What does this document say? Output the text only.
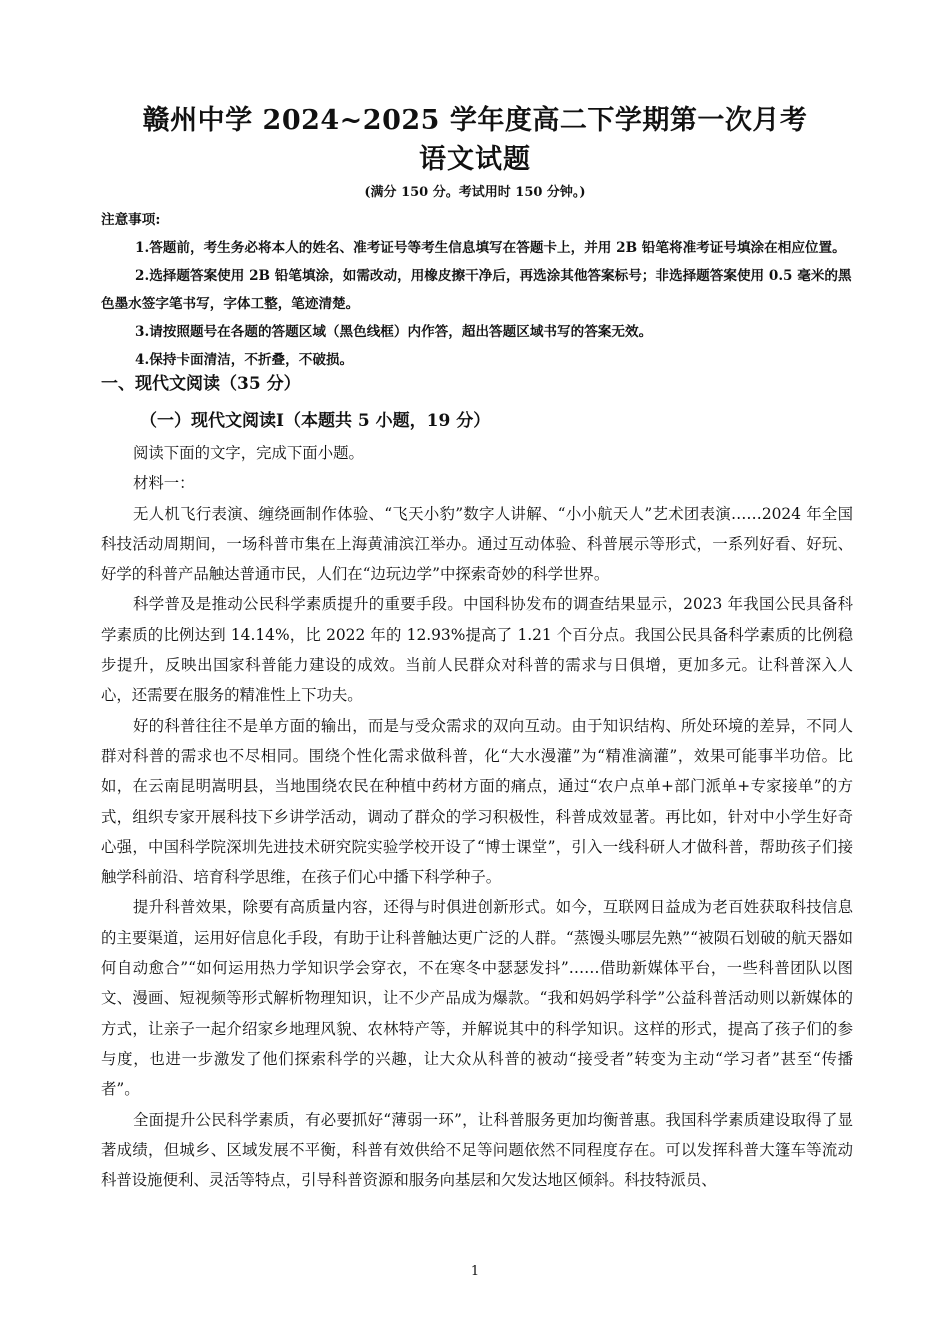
赣州中学 2024~2025 学年度高二下学期第一次月考
语文试题
(满分 150 分。考试用时 150 分钟。)

注意事项:

1.答题前，考生务必将本人的姓名、准考证号等考生信息填写在答题卡上，并用 2B 铅笔将准考证号填涂在相应位置。

2.选择题答案使用 2B 铅笔填涂，如需改动，用橡皮擦干净后，再选涂其他答案标号；非选择题答案使用 0.5 毫米的黑色墨水签字笔书写，字体工整，笔迹清楚。

3.请按照题号在各题的答题区域（黑色线框）内作答，超出答题区域书写的答案无效。

4.保持卡面清洁，不折叠，不破损。

一、现代文阅读（35 分）
（一）现代文阅读I（本题共 5 小题，19 分）

阅读下面的文字，完成下面小题。

材料一：

无人机飞行表演、缠绕画制作体验、“飞天小豹”数字人讲解、“小小航天人”艺术团表演……2024 年全国科技活动周期间，一场科普市集在上海黄浦滨江举办。通过互动体验、科普展示等形式，一系列好看、好玩、好学的科普产品触达普通市民，人们在“边玩边学”中探索奇妙的科学世界。

科学普及是推动公民科学素质提升的重要手段。中国科协发布的调查结果显示，2023 年我国公民具备科学素质的比例达到 14.14%，比 2022 年的 12.93%提高了 1.21 个百分点。我国公民具备科学素质的比例稳步提升，反映出国家科普能力建设的成效。当前人民群众对科普的需求与日俱增，更加多元。让科普深入人心，还需要在服务的精准性上下功夫。

好的科普往往不是单方面的输出，而是与受众需求的双向互动。由于知识结构、所处环境的差异，不同人群对科普的需求也不尽相同。围绕个性化需求做科普，化“大水漫灌”为“精准滴灌”，效果可能事半功倍。比如，在云南昆明嵩明县，当地围绕农民在种植中药材方面的痛点，通过“农户点单+部门派单+专家接单”的方式，组织专家开展科技下乡讲学活动，调动了群众的学习积极性，科普成效显著。再比如，针对中小学生好奇心强，中国科学院深圳先进技术研究院实验学校开设了“博士课堂”，引入一线科研人才做科普，帮助孩子们接触学科前沿、培育科学思维，在孩子们心中播下科学种子。

提升科普效果，除要有高质量内容，还得与时俱进创新形式。如今，互联网日益成为老百姓获取科技信息的主要渠道，运用好信息化手段，有助于让科普触达更广泛的人群。“蒸馒头哪层先熟”“被陨石划破的航天器如何自动愈合”“如何运用热力学知识学会穿衣，不在寒冬中瑟瑟发抖”……借助新媒体平台，一些科普团队以图文、漫画、短视频等形式解析物理知识，让不少产品成为爆款。“我和妈妈学科学”公益科普活动则以新媒体的方式，让亲子一起介绍家乡地理风貌、农林特产等，并解说其中的科学知识。这样的形式，提高了孩子们的参与度，也进一步激发了他们探索科学的兴趣，让大众从科普的被动“接受者”转变为主动“学习者”甚至“传播者”。

全面提升公民科学素质，有必要抓好“薄弱一环”，让科普服务更加均衡普惠。我国科学素质建设取得了显著成绩，但城乡、区域发展不平衡，科普有效供给不足等问题依然不同程度存在。可以发挥科普大篷车等流动科普设施便利、灵活等特点，引导科普资源和服务向基层和欠发达地区倾斜。科技特派员、

1
